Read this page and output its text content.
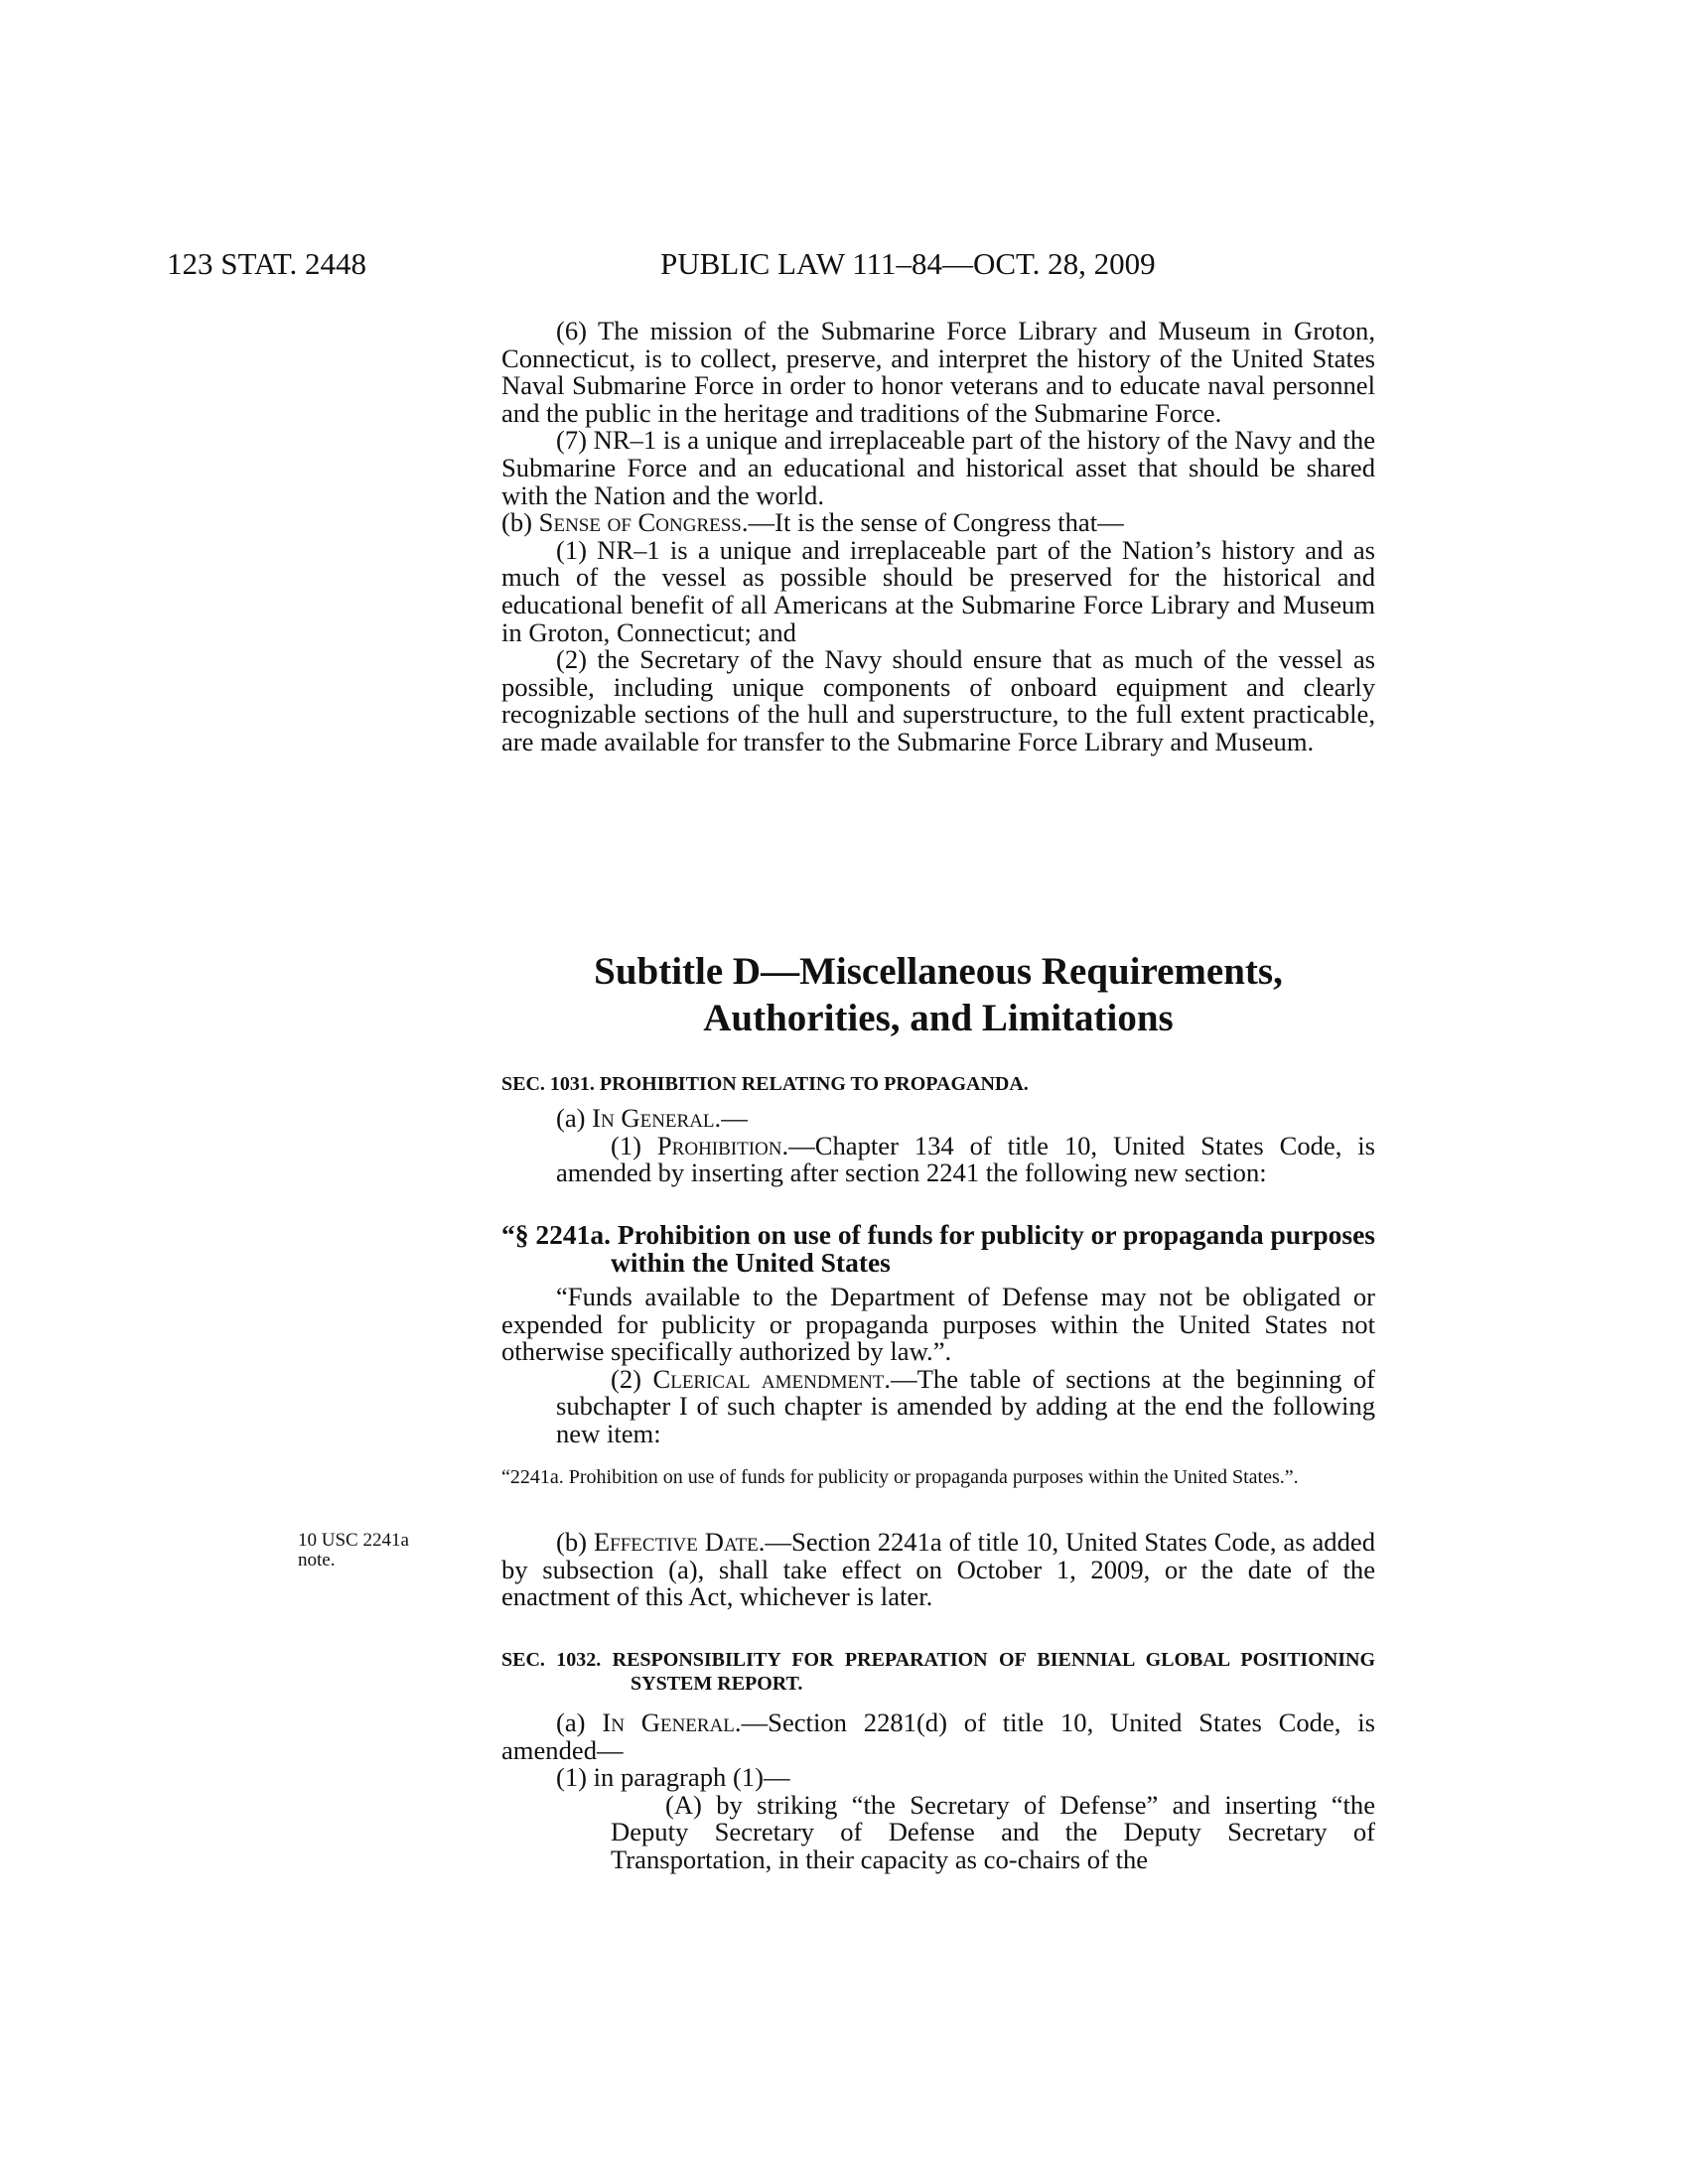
123 STAT. 2448	PUBLIC LAW 111–84—OCT. 28, 2009

(6) The mission of the Submarine Force Library and Museum in Groton, Connecticut, is to collect, preserve, and interpret the history of the United States Naval Submarine Force in order to honor veterans and to educate naval personnel and the public in the heritage and traditions of the Submarine Force.

(7) NR–1 is a unique and irreplaceable part of the history of the Navy and the Submarine Force and an educational and historical asset that should be shared with the Nation and the world.

(b) Sense of Congress.—It is the sense of Congress that—

(1) NR–1 is a unique and irreplaceable part of the Nation’s history and as much of the vessel as possible should be preserved for the historical and educational benefit of all Americans at the Submarine Force Library and Museum in Groton, Connecticut; and

(2) the Secretary of the Navy should ensure that as much of the vessel as possible, including unique components of onboard equipment and clearly recognizable sections of the hull and superstructure, to the full extent practicable, are made available for transfer to the Submarine Force Library and Museum.

Subtitle D—Miscellaneous Requirements,
Authorities, and Limitations

SEC. 1031. PROHIBITION RELATING TO PROPAGANDA.

(a) In General.—

(1) Prohibition.—Chapter 134 of title 10, United States Code, is amended by inserting after section 2241 the following new section:

“§ 2241a. Prohibition on use of funds for publicity or propaganda purposes within the United States

“Funds available to the Department of Defense may not be obligated or expended for publicity or propaganda purposes within the United States not otherwise specifically authorized by law.”.

(2) Clerical amendment.—The table of sections at the beginning of subchapter I of such chapter is amended by adding at the end the following new item:

“2241a. Prohibition on use of funds for publicity or propaganda purposes within the United States.”.

10 USC 2241a
note.

(b) Effective Date.—Section 2241a of title 10, United States Code, as added by subsection (a), shall take effect on October 1, 2009, or the date of the enactment of this Act, whichever is later.

SEC. 1032. RESPONSIBILITY FOR PREPARATION OF BIENNIAL GLOBAL POSITIONING SYSTEM REPORT.

(a) In General.—Section 2281(d) of title 10, United States Code, is amended—

(1) in paragraph (1)—

(A) by striking “the Secretary of Defense” and inserting “the Deputy Secretary of Defense and the Deputy Secretary of Transportation, in their capacity as co-chairs of the
